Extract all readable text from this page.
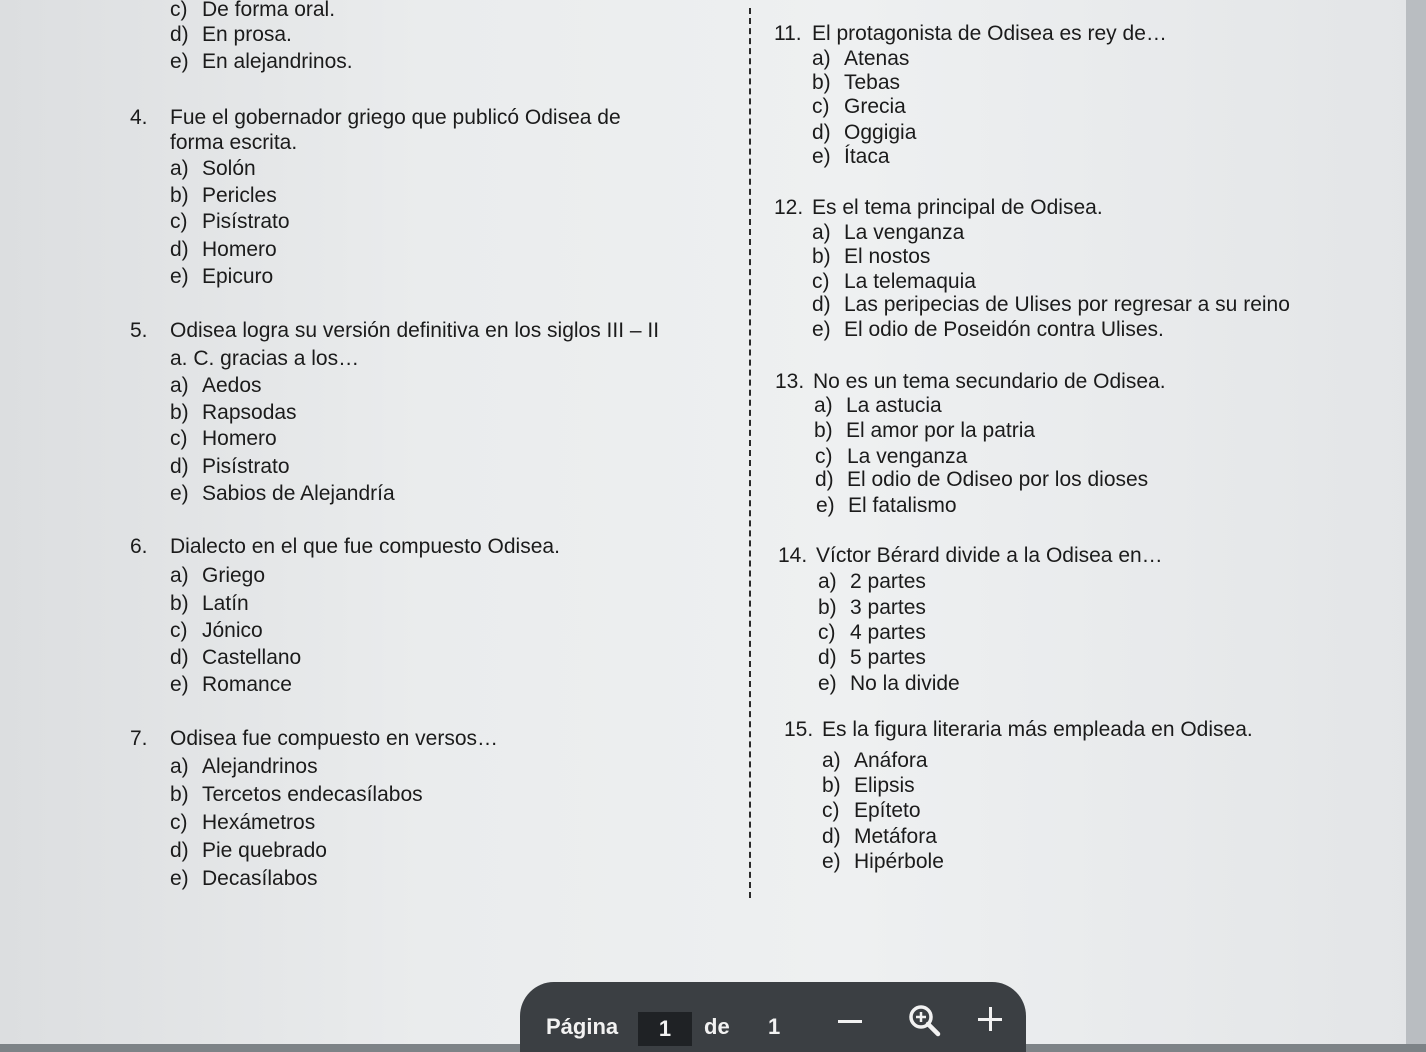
c) De forma oral.
d) En prosa.
e) En alejandrinos.
4. Fue el gobernador griego que publicó Odisea de
forma escrita.
a) Solón
b) Pericles
c) Pisístrato
d) Homero
e) Epicuro
5. Odisea logra su versión definitiva en los siglos III – II
a. C. gracias a los…
a) Aedos
b) Rapsodas
c) Homero
d) Pisístrato
e) Sabios de Alejandría
6. Dialecto en el que fue compuesto Odisea.
a) Griego
b) Latín
c) Jónico
d) Castellano
e) Romance
7. Odisea fue compuesto en versos…
a) Alejandrinos
b) Tercetos endecasílabos
c) Hexámetros
d) Pie quebrado
e) Decasílabos
11. El protagonista de Odisea es rey de…
a) Atenas
b) Tebas
c) Grecia
d) Oggigia
e) Ítaca
12. Es el tema principal de Odisea.
a) La venganza
b) El nostos
c) La telemaquia
d) Las peripecias de Ulises por regresar a su reino
e) El odio de Poseidón contra Ulises.
13. No es un tema secundario de Odisea.
a) La astucia
b) El amor por la patria
c) La venganza
d) El odio de Odiseo por los dioses
e) El fatalismo
14. Víctor Bérard divide a la Odisea en…
a) 2 partes
b) 3 partes
c) 4 partes
d) 5 partes
e) No la divide
15. Es la figura literaria más empleada en Odisea.
a) Anáfora
b) Elipsis
c) Epíteto
d) Metáfora
e) Hipérbole
Página	1	de 1
